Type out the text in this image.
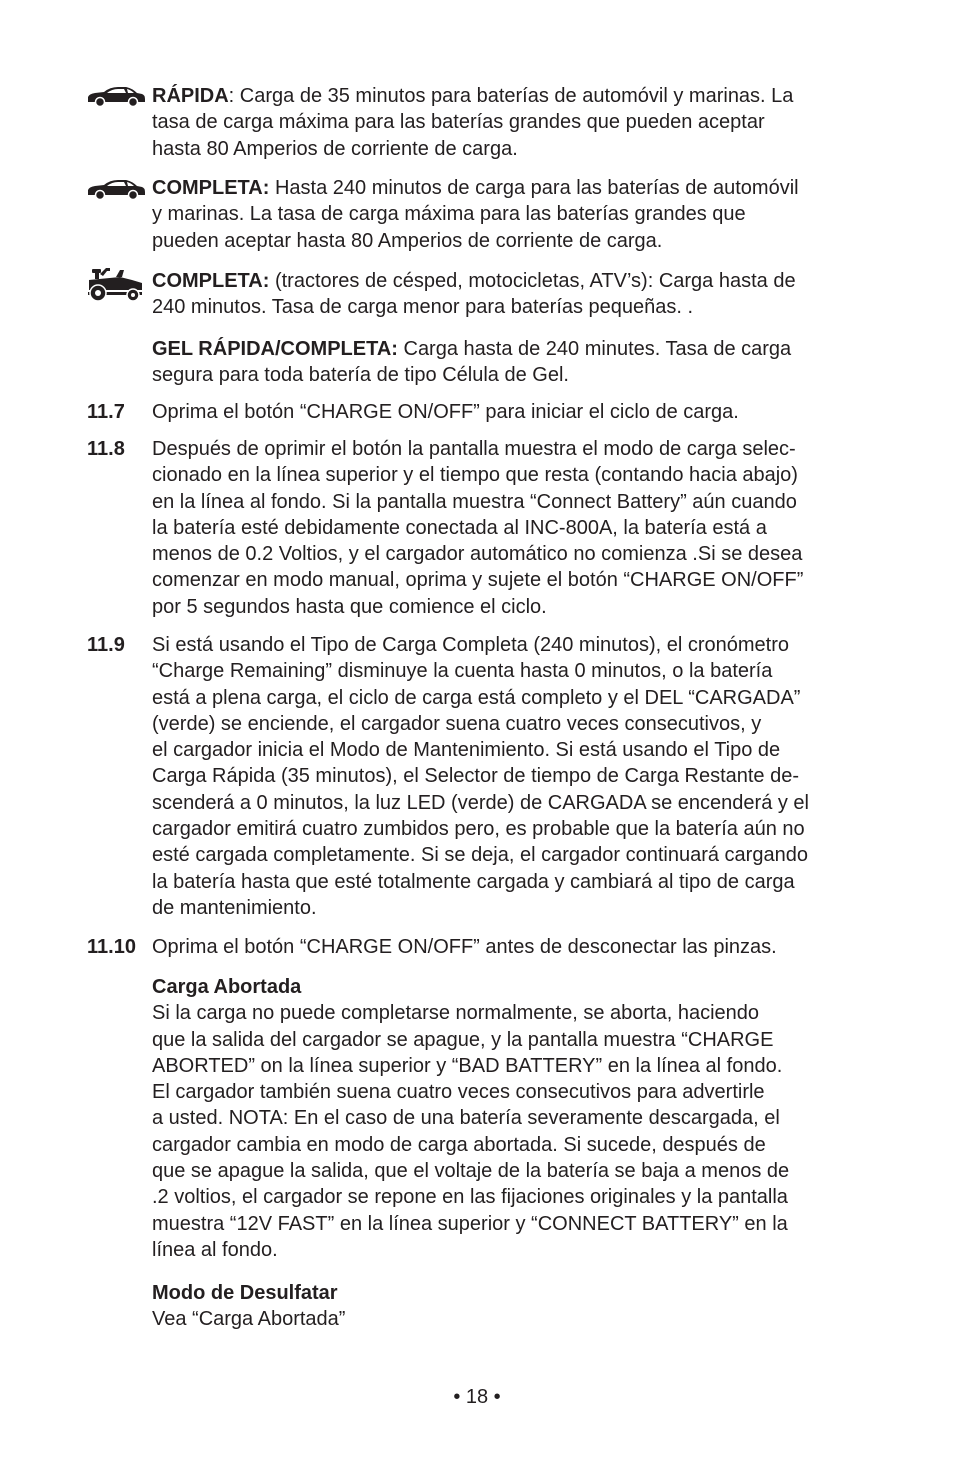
RÁPIDA: Carga de 35 minutos para baterías de automóvil y marinas. La

tasa de carga máxima para las baterías grandes que pueden aceptar

hasta 80 Amperios de corriente de carga.

COMPLETA: Hasta 240 minutos de carga para las baterías de automóvil

y marinas. La tasa de carga máxima para las baterías grandes que

pueden aceptar hasta 80 Amperios de corriente de carga.

COMPLETA: (tractores de césped, motocicletas, ATV’s): Carga hasta de

240 minutos. Tasa de carga menor para baterías pequeñas. .

GEL RÁPIDA/COMPLETA: Carga hasta de 240 minutes. Tasa de carga

segura para toda batería de tipo Célula de Gel.

11.7 Oprima el botón “CHARGE ON/OFF” para iniciar el ciclo de carga.

11.8 Después de oprimir el botón la pantalla muestra el modo de carga selec-

cionado en la línea superior y el tiempo que resta (contando hacia abajo)

en la línea al fondo. Si la pantalla muestra “Connect Battery” aún cuando

la batería esté debidamente conectada al INC-800A, la batería está a

menos de 0.2 Voltios, y el cargador automático no comienza .Si se desea

comenzar en modo manual, oprima y sujete el botón “CHARGE ON/OFF”

por 5 segundos hasta que comience el ciclo.

11.9 Si está usando el Tipo de Carga Completa (240 minutos), el cronómetro

“Charge Remaining” disminuye la cuenta hasta 0 minutos, o la batería

está a plena carga, el ciclo de carga está completo y el DEL “CARGADA”

(verde) se enciende, el cargador suena cuatro veces consecutivos, y

el cargador inicia el Modo de Mantenimiento. Si está usando el Tipo de

Carga Rápida (35 minutos), el Selector de tiempo de Carga Restante de-

scenderá a 0 minutos, la luz LED (verde) de CARGADA se encenderá y el

cargador emitirá cuatro zumbidos pero, es probable que la batería aún no

esté cargada completamente. Si se deja, el cargador continuará cargando

la batería hasta que esté totalmente cargada y cambiará al tipo de carga

de mantenimiento.

11.10 Oprima el botón “CHARGE ON/OFF” antes de desconectar las pinzas.

Carga Abortada

Si la carga no puede completarse normalmente, se aborta, haciendo

que la salida del cargador se apague, y la pantalla muestra “CHARGE

ABORTED” on la línea superior y “BAD BATTERY” en la línea al fondo.

El cargador también suena cuatro veces consecutivos para advertirle

a usted. NOTA: En el caso de una batería severamente descargada, el

cargador cambia en modo de carga abortada. Si sucede, después de

que se apague la salida, que el voltaje de la batería se baja a menos de

.2 voltios, el cargador se repone en las fijaciones originales y la pantalla

muestra “12V FAST” en la línea superior y “CONNECT BATTERY” en la

línea al fondo.

Modo de Desulfatar

Vea “Carga Abortada”

• 18 •
